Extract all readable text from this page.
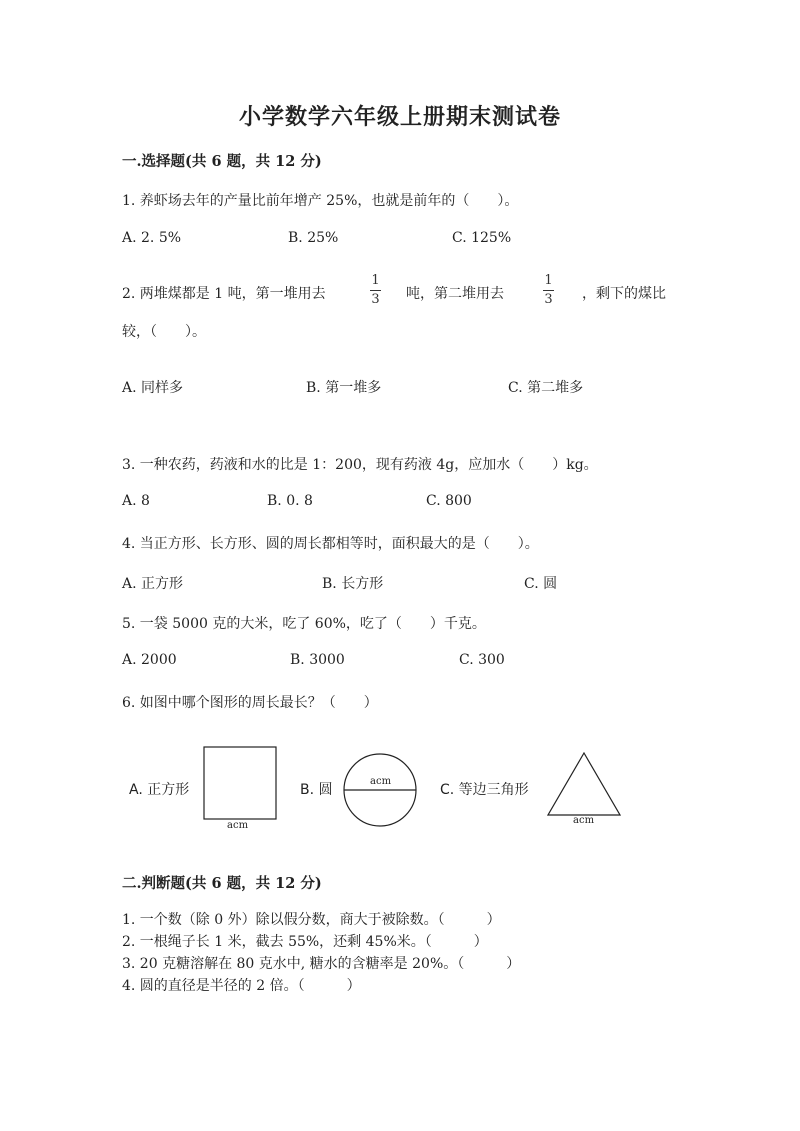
小学数学六年级上册期末测试卷
一.选择题(共 6 题，共 12 分)
1. 养虾场去年的产量比前年增产 25%，也就是前年的（　　）。
A. 2. 5%	B. 25%	C. 125%
2. 两堆煤都是 1 吨，第一堆用去
1
3 吨，第二堆用去
1
3 ，剩下的煤比
较，（　　）。
A. 同样多	B. 第一堆多	C. 第二堆多
3. 一种农药，药液和水的比是 1：200，现有药液 4g，应加水（　　）kg。
A. 8	B. 0. 8	C. 800
4. 当正方形、长方形、圆的周长都相等时，面积最大的是（　　）。
A. 正方形	B. 长方形	C. 圆
5. 一袋 5000 克的大米，吃了 60%，吃了（　　）千克。
A. 2000	B. 3000	C. 300
6. 如图中哪个图形的周长最长？（　　）
A. 正方形
acm
B. 圆
acm
C. 等边三角形
acm
二.判断题(共 6 题，共 12 分)
1. 一个数（除 0 外）除以假分数，商大于被除数。（　　　）
2. 一根绳子长 1 米，截去 55%，还剩 45%米。（　　　）
3. 20 克糖溶解在 80 克水中, 糖水的含糖率是 20%。（　　　）
4. 圆的直径是半径的 2 倍。（　　　）
